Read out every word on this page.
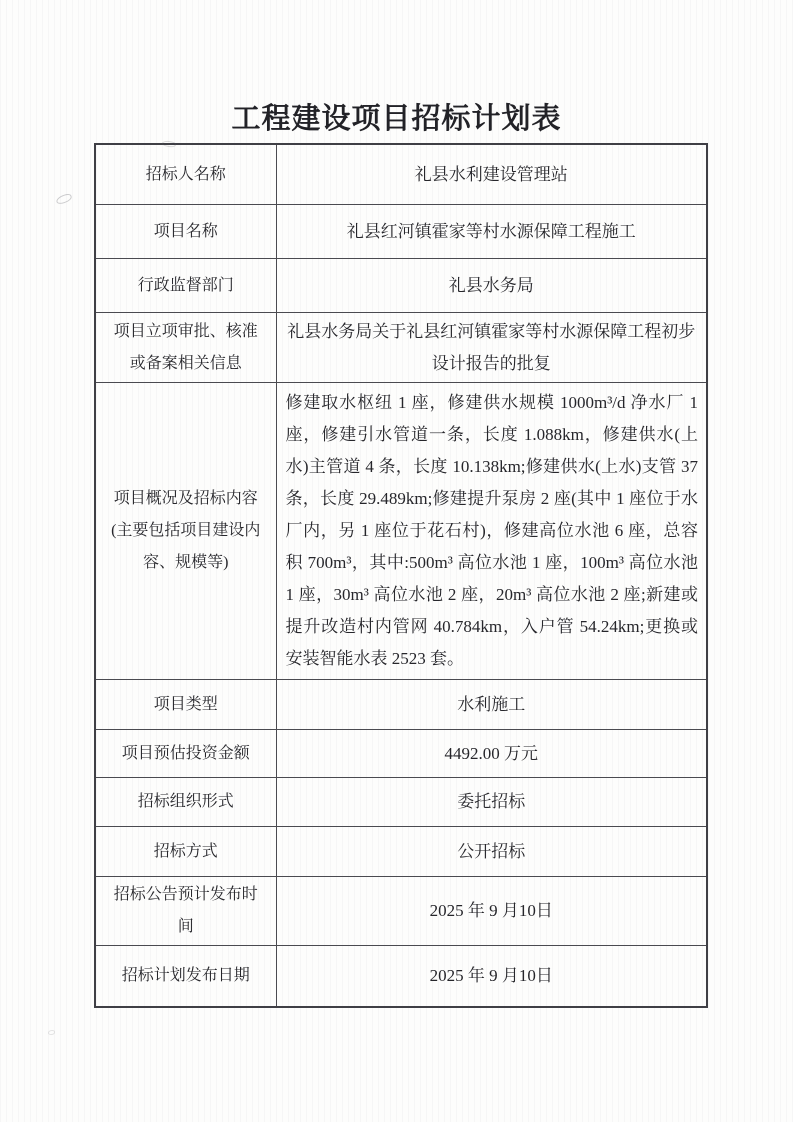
工程建设项目招标计划表
招标人名称	礼县水利建设管理站
项目名称	礼县红河镇霍家等村水源保障工程施工
行政监督部门	礼县水务局
项目立项审批、核准或备案相关信息	礼县水务局关于礼县红河镇霍家等村水源保障工程初步设计报告的批复
项目概况及招标内容(主要包括项目建设内容、规模等)	修建取水枢纽 1 座，修建供水规模 1000m³/d 净水厂 1 座，修建引水管道一条，长度 1.088km，修建供水(上水)主管道 4 条，长度 10.138km;修建供水(上水)支管 37 条，长度 29.489km;修建提升泵房 2 座(其中 1 座位于水厂内，另 1 座位于花石村)，修建高位水池 6 座，总容积 700m³，其中:500m³ 高位水池 1 座，100m³ 高位水池 1 座，30m³ 高位水池 2 座，20m³ 高位水池 2 座;新建或提升改造村内管网 40.784km，入户管 54.24km;更换或安装智能水表 2523 套。
项目类型	水利施工
项目预估投资金额	4492.00 万元
招标组织形式	委托招标
招标方式	公开招标
招标公告预计发布时间	2025 年 9 月10日
招标计划发布日期	2025 年 9 月10日
